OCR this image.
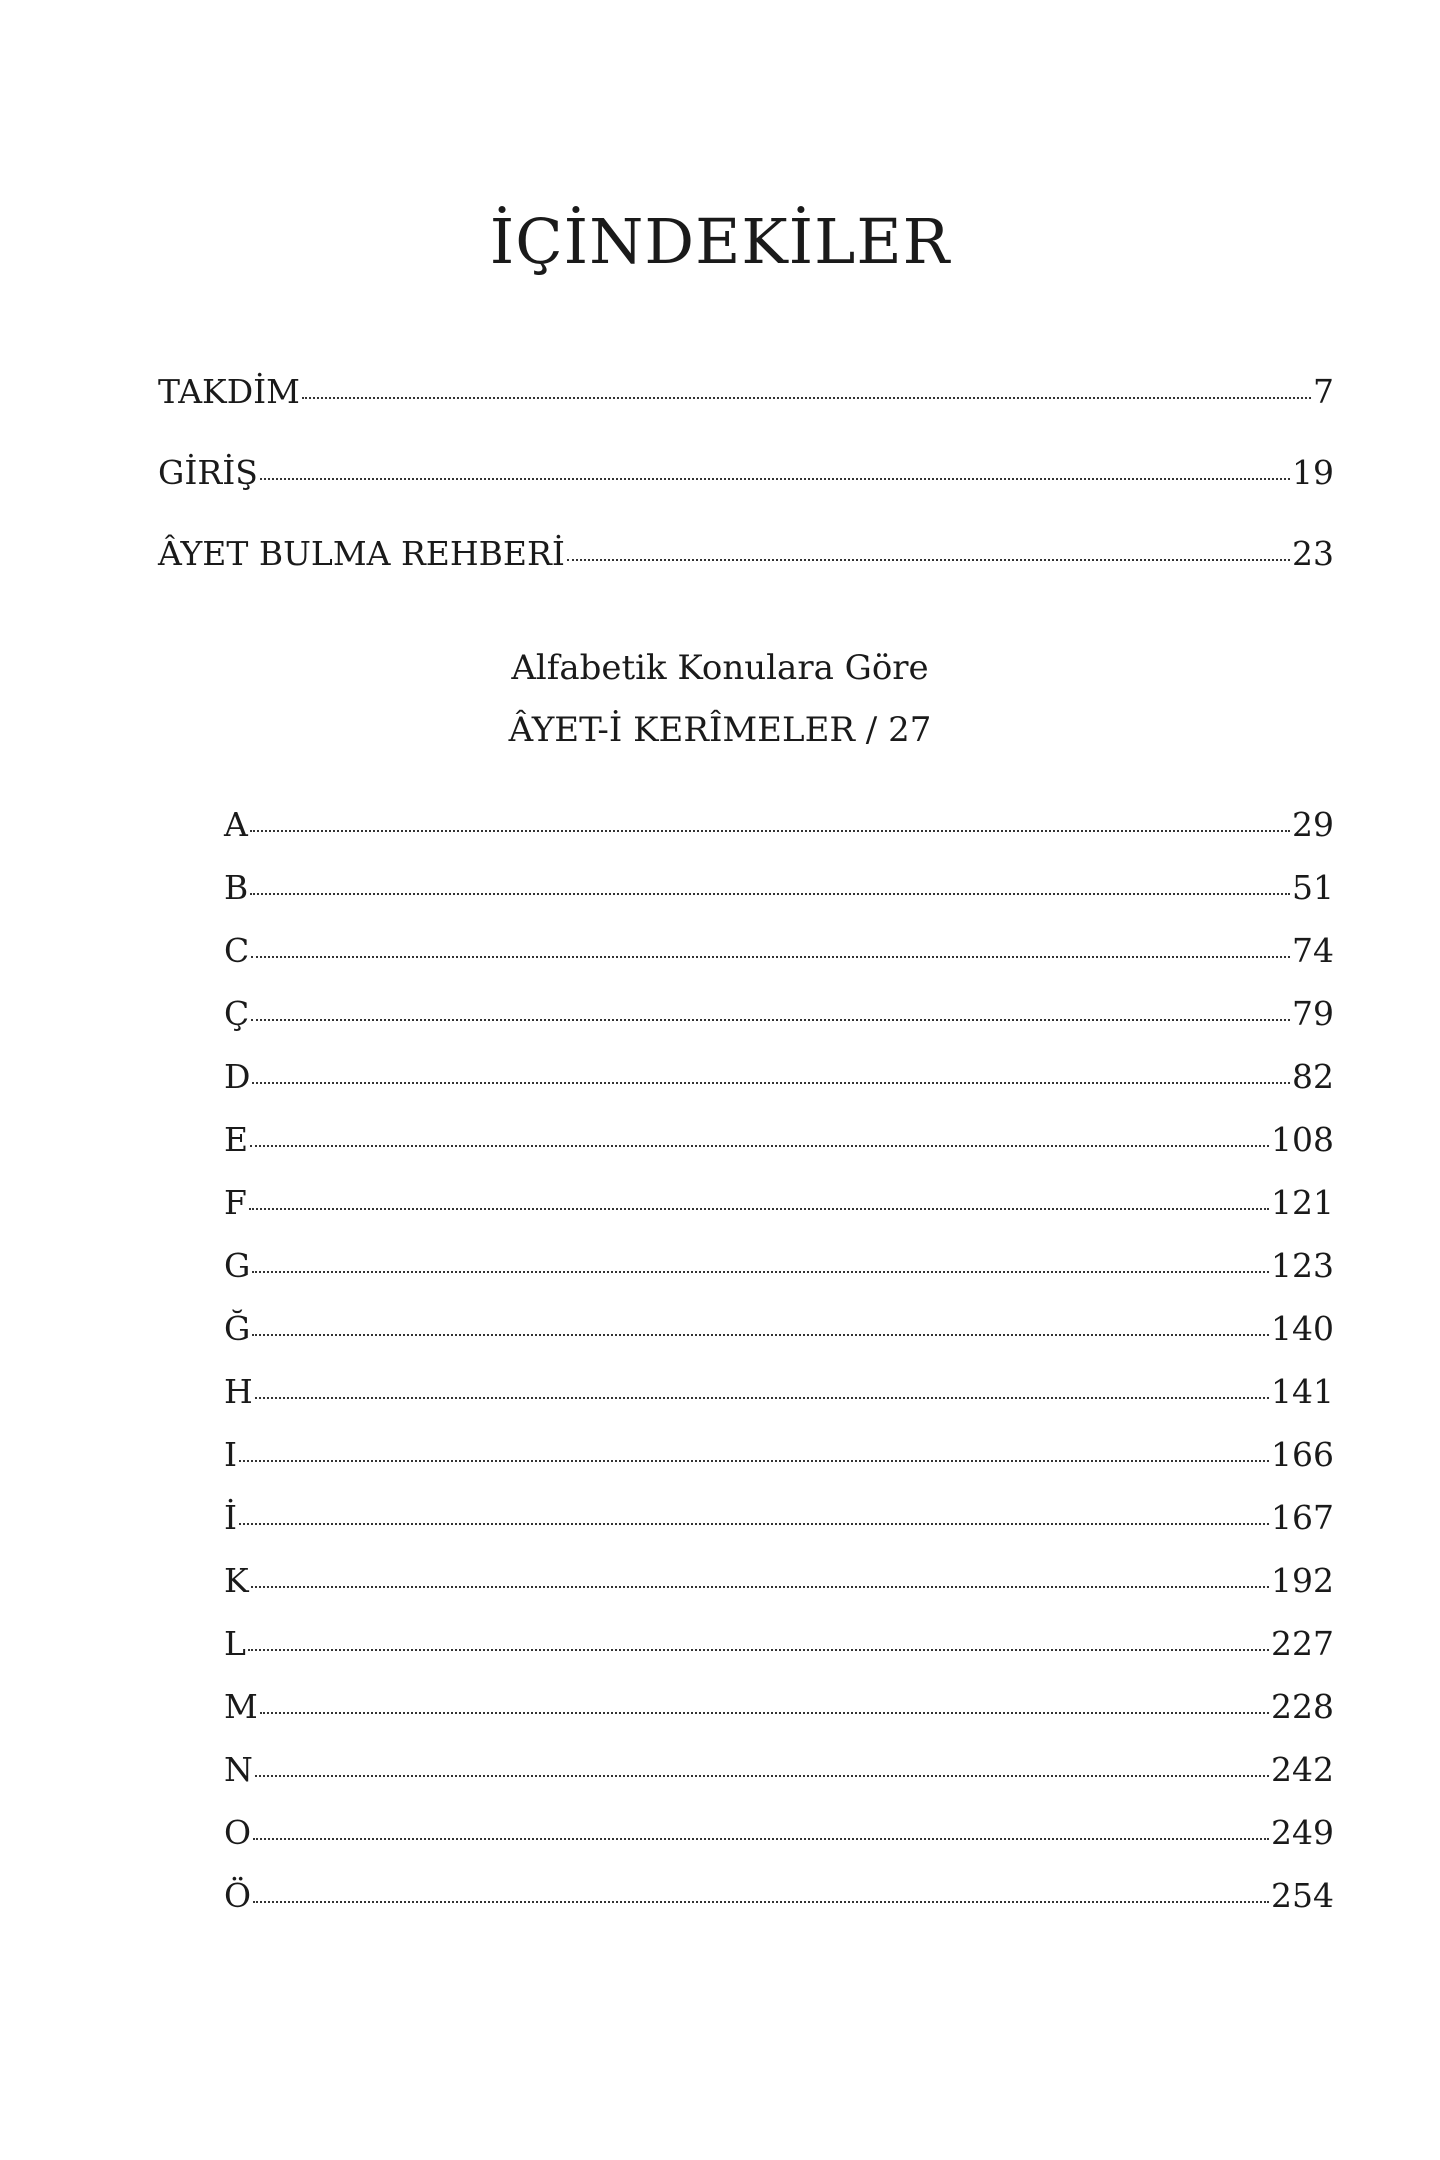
İÇİNDEKİLER
TAKDİM	7
GİRİŞ	19
ÂYET BULMA REHBERİ	23

Alfabetik Konulara Göre

ÂYET-İ KERÎMELER / 27

A	29
B	51
C	74
Ç	79
D	82
E	108
F	121
G	123
Ğ	140
H	141
I	166
İ	167
K	192
L	227
M	228
N	242
O	249
Ö	254
